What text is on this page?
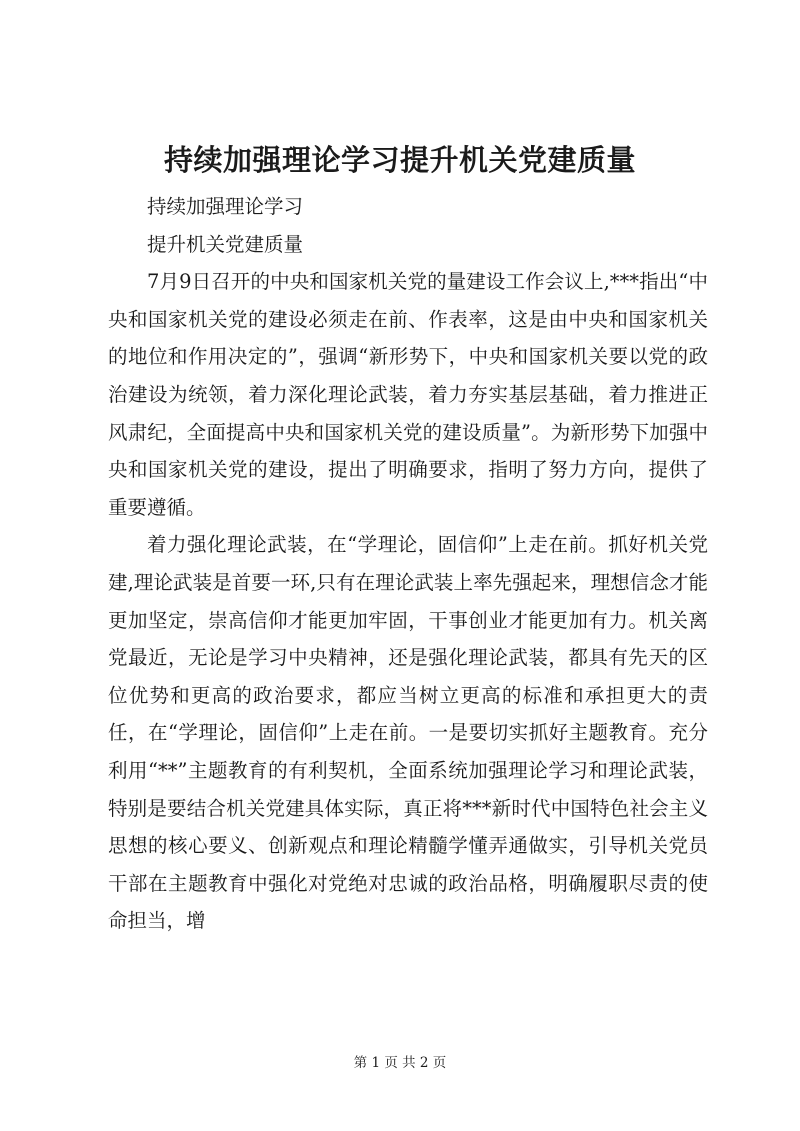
持续加强理论学习提升机关党建质量

持续加强理论学习

提升机关党建质量

7月9日召开的中央和国家机关党的量建设工作会议上,***指出“中央和国家机关党的建设必须走在前、作表率，这是由中央和国家机关的地位和作用决定的”，强调“新形势下，中央和国家机关要以党的政治建设为统领，着力深化理论武装，着力夯实基层基础，着力推进正风肃纪，全面提高中央和国家机关党的建设质量”。为新形势下加强中央和国家机关党的建设，提出了明确要求，指明了努力方向，提供了重要遵循。

着力强化理论武装，在“学理论，固信仰”上走在前。抓好机关党建,理论武装是首要一环,只有在理论武装上率先强起来，理想信念才能更加坚定，崇高信仰才能更加牢固，干事创业才能更加有力。机关离党最近，无论是学习中央精神，还是强化理论武装，都具有先天的区位优势和更高的政治要求，都应当树立更高的标准和承担更大的责任，在“学理论，固信仰”上走在前。一是要切实抓好主题教育。充分利用“**”主题教育的有利契机，全面系统加强理论学习和理论武装，特别是要结合机关党建具体实际，真正将***新时代中国特色社会主义思想的核心要义、创新观点和理论精髓学懂弄通做实，引导机关党员干部在主题教育中强化对党绝对忠诚的政治品格，明确履职尽责的使命担当，增

第 1 页 共 2 页
